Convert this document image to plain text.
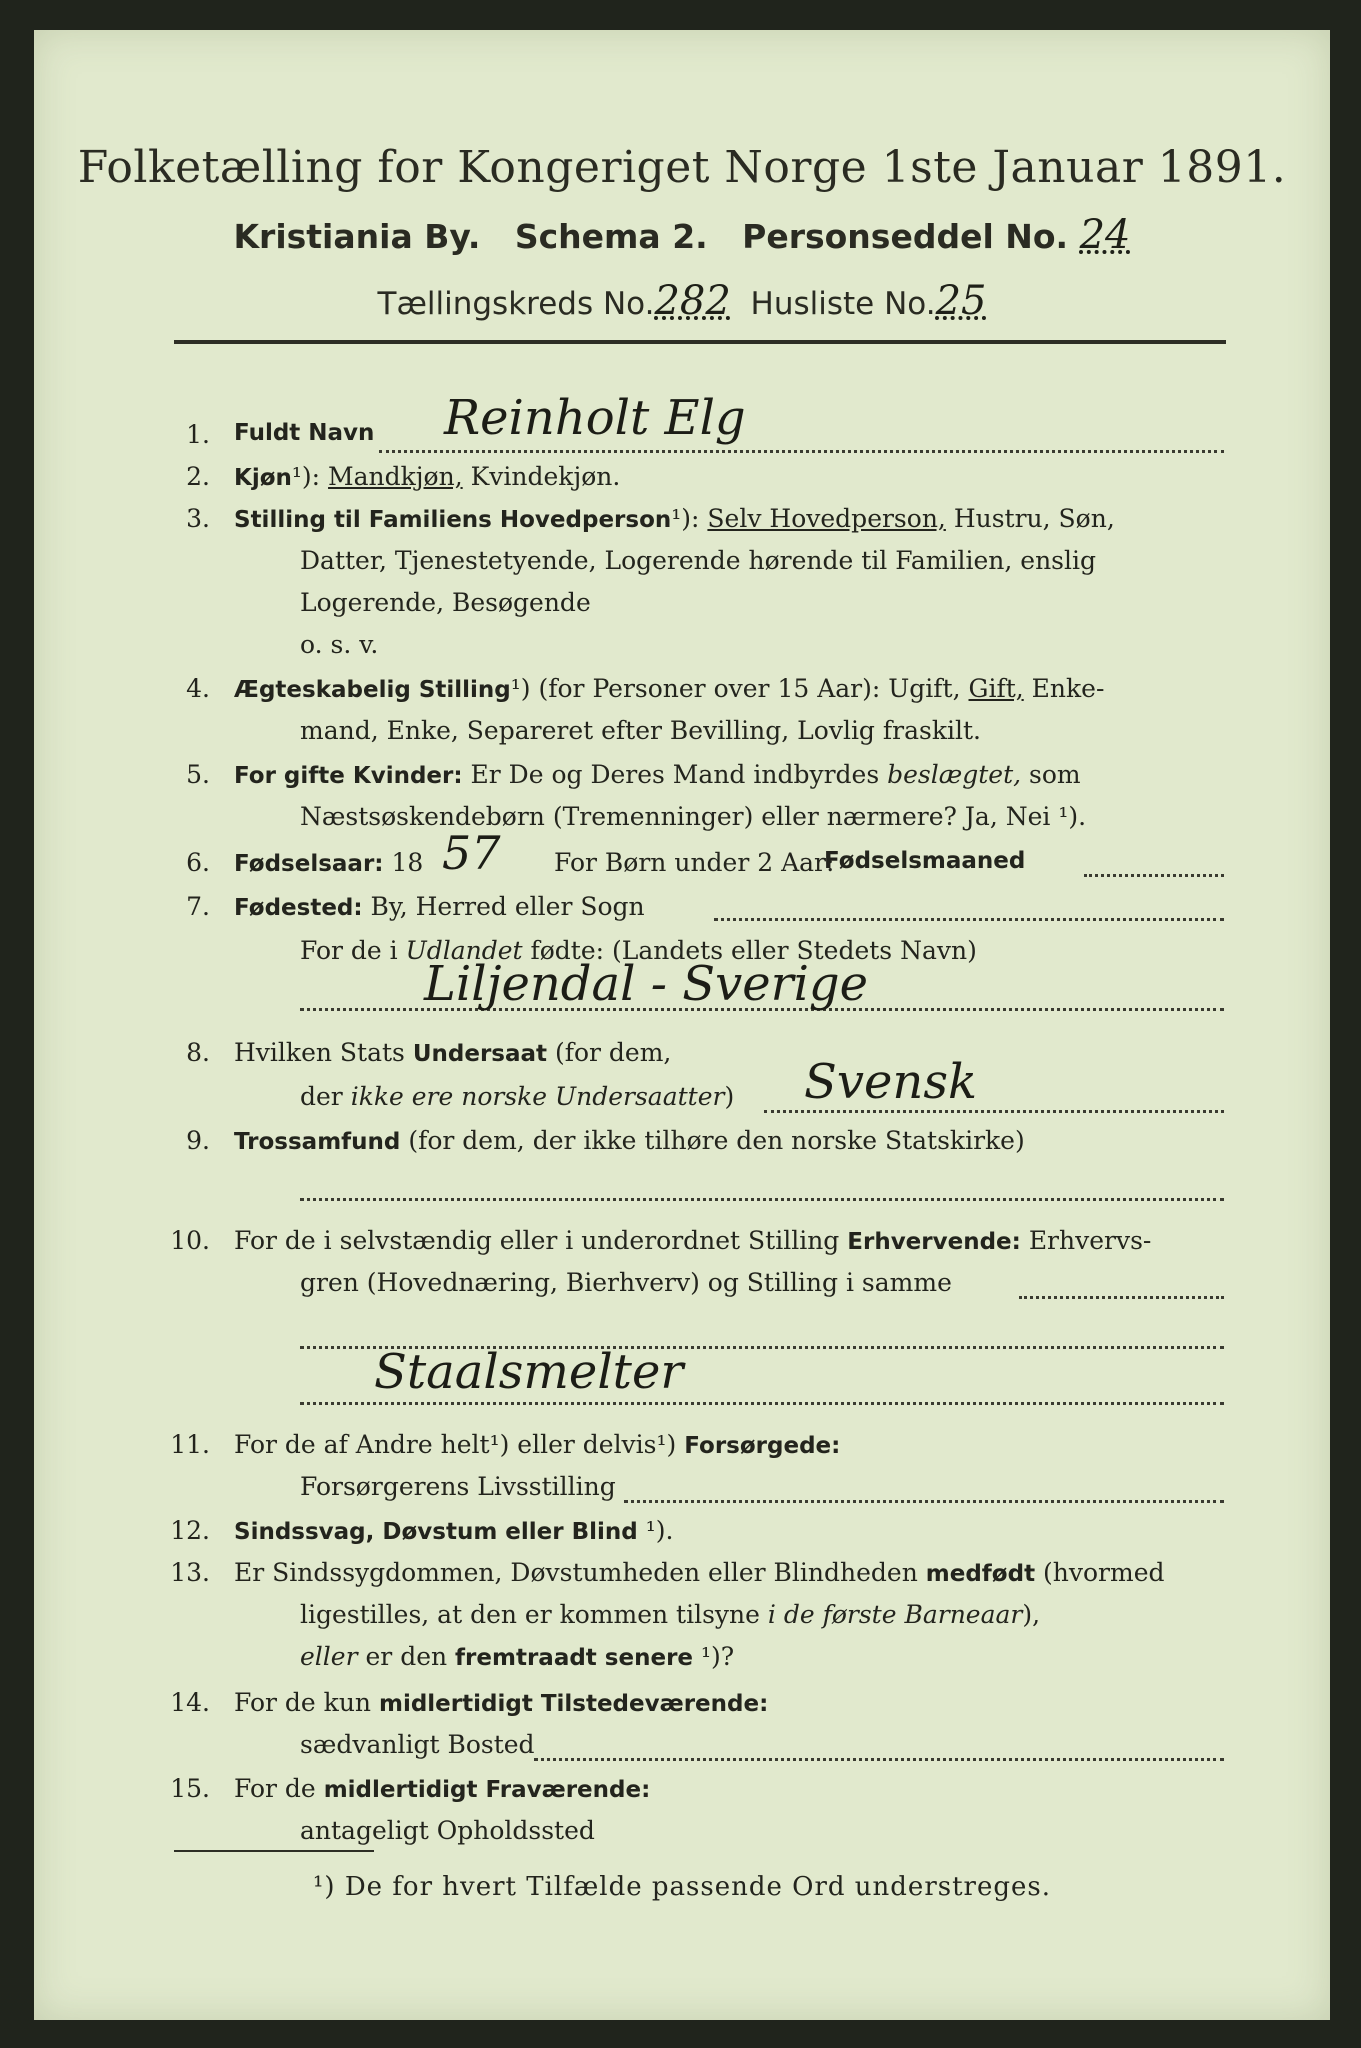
Folketælling for Kongeriget Norge 1ste Januar 1891.
Kristiania By. Schema 2. Personseddel No. 24
Tællingskreds No.282 Husliste No.25
1. Fuldt Navn Reinholt Elg
2. Kjøn¹): Mandkjøn, Kvindekjøn.
3. Stilling til Familiens Hovedperson¹): Selv Hovedperson, Hustru, Søn,
Datter, Tjenestetyende, Logerende hørende til Familien, enslig
Logerende, Besøgende
o. s. v.
4. Ægteskabelig Stilling¹) (for Personer over 15 Aar): Ugift, Gift, Enke-
mand, Enke, Separeret efter Bevilling, Lovlig fraskilt.
5. For gifte Kvinder: Er De og Deres Mand indbyrdes beslægtet, som
Næstsøskendebørn (Tremenninger) eller nærmere? Ja, Nei ¹).
6. Fødselsaar: 18	For Børn under 2 Aar:
Fødselsmaaned
57
7. Fødested: By, Herred eller Sogn
For de i Udlandet fødte: (Landets eller Stedets Navn)
Liljendal - Sverige
8. Hvilken Stats Undersaat (for dem,
der ikke ere norske Undersaatter) Svensk
9. Trossamfund (for dem, der ikke tilhøre den norske Statskirke)
10. For de i selvstændig eller i underordnet Stilling Erhvervende: Erhvervs-
gren (Hovednæring, Bierhverv) og Stilling i samme
Staalsmelter
11. For de af Andre helt¹) eller delvis¹) Forsørgede:
Forsørgerens Livsstilling
12. Sindssvag, Døvstum eller Blind ¹).
13. Er Sindssygdommen, Døvstumheden eller Blindheden medfødt (hvormed
ligestilles, at den er kommen tilsyne i de første Barneaar),
eller er den fremtraadt senere ¹)?
14. For de kun midlertidigt Tilstedeværende:
sædvanligt Bosted
15. For de midlertidigt Fraværende:
antageligt Opholdssted
¹) De for hvert Tilfælde passende Ord understreges.
